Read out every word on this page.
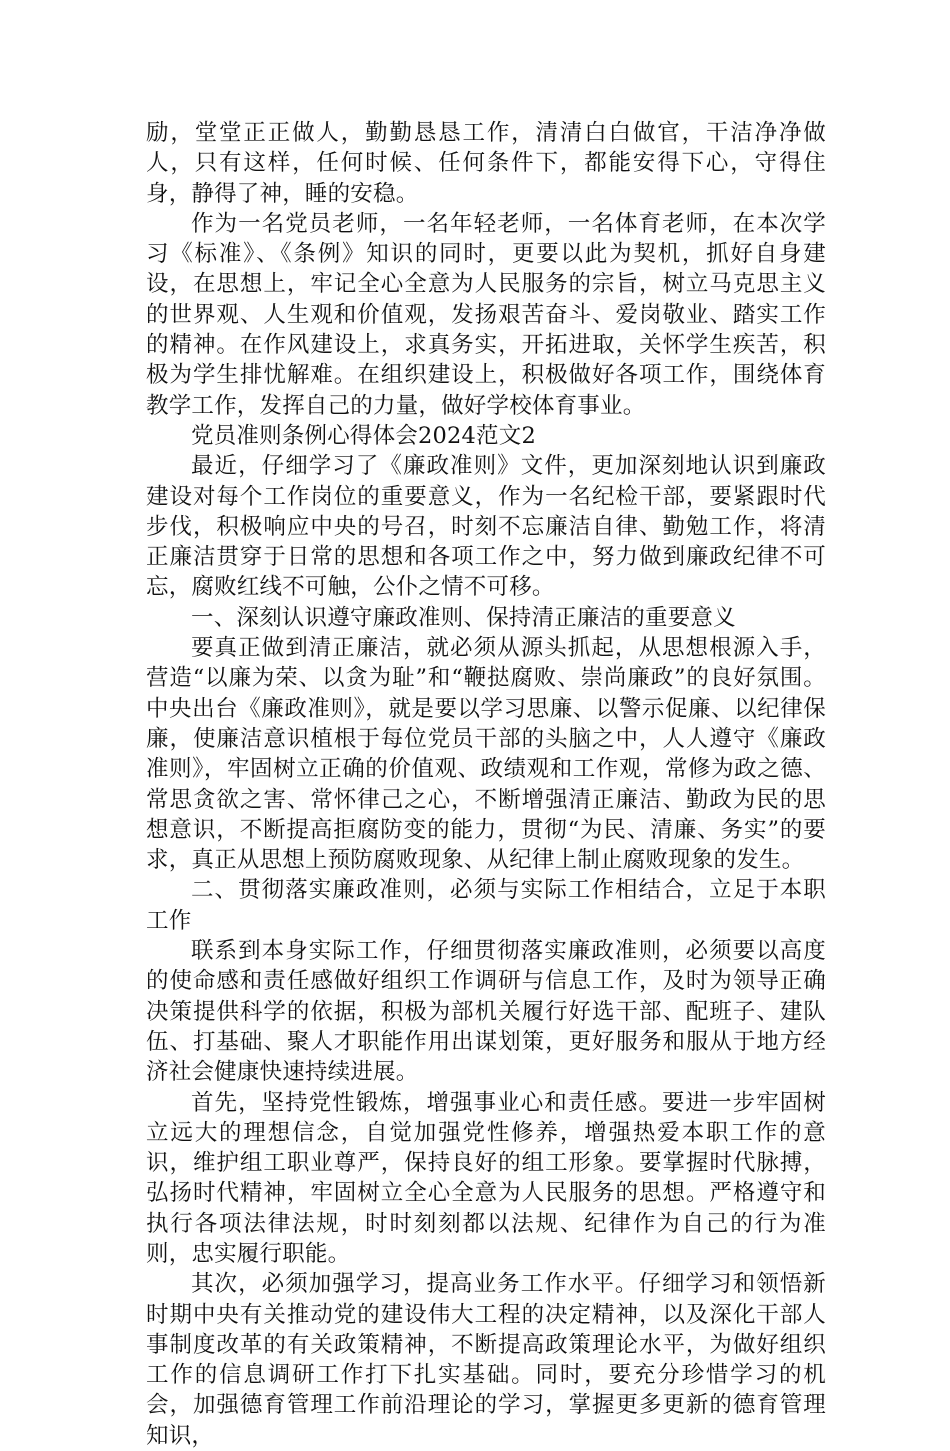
励，堂堂正正做人，勤勤恳恳工作，清清白白做官，干洁净净做人，只有这样，任何时候、任何条件下，都能安得下心，守得住身，静得了神，睡的安稳。

作为一名党员老师，一名年轻老师，一名体育老师，在本次学习《标准》、《条例》知识的同时，更要以此为契机，抓好自身建设，在思想上，牢记全心全意为人民服务的宗旨，树立马克思主义的世界观、人生观和价值观，发扬艰苦奋斗、爱岗敬业、踏实工作的精神。在作风建设上，求真务实，开拓进取，关怀学生疾苦，积极为学生排忧解难。在组织建设上，积极做好各项工作，围绕体育教学工作，发挥自己的力量，做好学校体育事业。

党员准则条例心得体会2024范文2

最近，仔细学习了《廉政准则》文件，更加深刻地认识到廉政建设对每个工作岗位的重要意义，作为一名纪检干部，要紧跟时代步伐，积极响应中央的号召，时刻不忘廉洁自律、勤勉工作，将清正廉洁贯穿于日常的思想和各项工作之中，努力做到廉政纪律不可忘，腐败红线不可触，公仆之情不可移。

一、深刻认识遵守廉政准则、保持清正廉洁的重要意义

要真正做到清正廉洁，就必须从源头抓起，从思想根源入手，营造“以廉为荣、以贪为耻”和“鞭挞腐败、崇尚廉政”的良好氛围。中央出台《廉政准则》，就是要以学习思廉、以警示促廉、以纪律保廉，使廉洁意识植根于每位党员干部的头脑之中，人人遵守《廉政准则》，牢固树立正确的价值观、政绩观和工作观，常修为政之德、常思贪欲之害、常怀律己之心，不断增强清正廉洁、勤政为民的思想意识，不断提高拒腐防变的能力，贯彻“为民、清廉、务实”的要求，真正从思想上预防腐败现象、从纪律上制止腐败现象的发生。

二、贯彻落实廉政准则，必须与实际工作相结合，立足于本职工作

联系到本身实际工作，仔细贯彻落实廉政准则，必须要以高度的使命感和责任感做好组织工作调研与信息工作，及时为领导正确决策提供科学的依据，积极为部机关履行好选干部、配班子、建队伍、打基础、聚人才职能作用出谋划策，更好服务和服从于地方经济社会健康快速持续进展。

首先，坚持党性锻炼，增强事业心和责任感。要进一步牢固树立远大的理想信念，自觉加强党性修养，增强热爱本职工作的意识，维护组工职业尊严，保持良好的组工形象。要掌握时代脉搏，弘扬时代精神，牢固树立全心全意为人民服务的思想。严格遵守和执行各项法律法规，时时刻刻都以法规、纪律作为自己的行为准则，忠实履行职能。

其次，必须加强学习，提高业务工作水平。仔细学习和领悟新时期中央有关推动党的建设伟大工程的决定精神，以及深化干部人事制度改革的有关政策精神，不断提高政策理论水平，为做好组织工作的信息调研工作打下扎实基础。同时，要充分珍惜学习的机会，加强德育管理工作前沿理论的学习，掌握更多更新的德育管理知识，
